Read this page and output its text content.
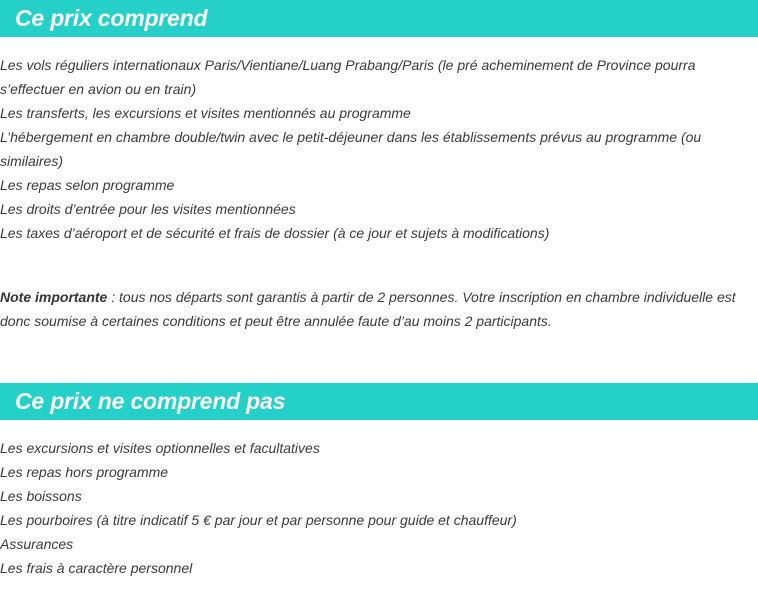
Ce prix comprend
Les vols réguliers internationaux Paris/Vientiane/Luang Prabang/Paris (le pré acheminement de Province pourra s’effectuer en avion ou en train)
Les transferts, les excursions et visites mentionnés au programme
L’hébergement en chambre double/twin avec le petit-déjeuner dans les établissements prévus au programme (ou similaires)
Les repas selon programme
Les droits d’entrée pour les visites mentionnées
Les taxes d’aéroport et de sécurité et frais de dossier (à ce jour et sujets à modifications)

Note importante : tous nos départs sont garantis à partir de 2 personnes. Votre inscription en chambre individuelle est donc soumise à certaines conditions et peut être annulée faute d’au moins 2 participants.

Ce prix ne comprend pas
Les excursions et visites optionnelles et facultatives
Les repas hors programme
Les boissons
Les pourboires (à titre indicatif 5 € par jour et par personne pour guide et chauffeur)
Assurances
Les frais à caractère personnel
